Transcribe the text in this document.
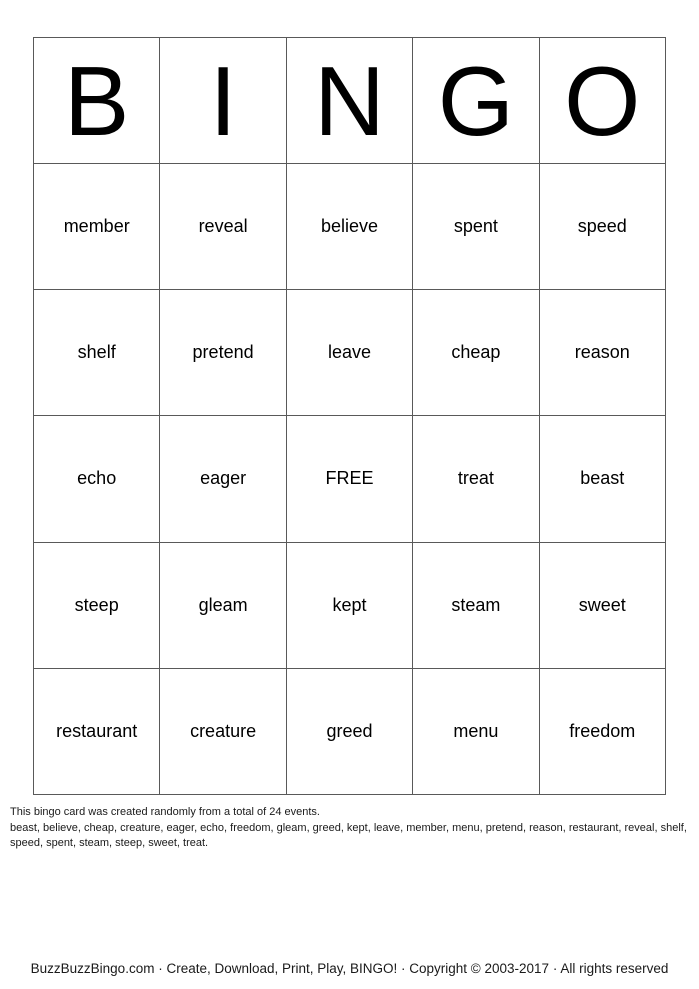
B	I	N	G	O
member	reveal	believe	spent	speed
shelf	pretend	leave	cheap	reason
echo	eager	FREE	treat	beast
steep	gleam	kept	steam	sweet
restaurant	creature	greed	menu	freedom
This bingo card was created randomly from a total of 24 events.
beast, believe, cheap, creature, eager, echo, freedom, gleam, greed, kept, leave, member, menu, pretend, reason, restaurant, reveal, shelf, speed, spent, steam, steep, sweet, treat.
BuzzBuzzBingo.com · Create, Download, Print, Play, BINGO! · Copyright © 2003-2017 · All rights reserved
